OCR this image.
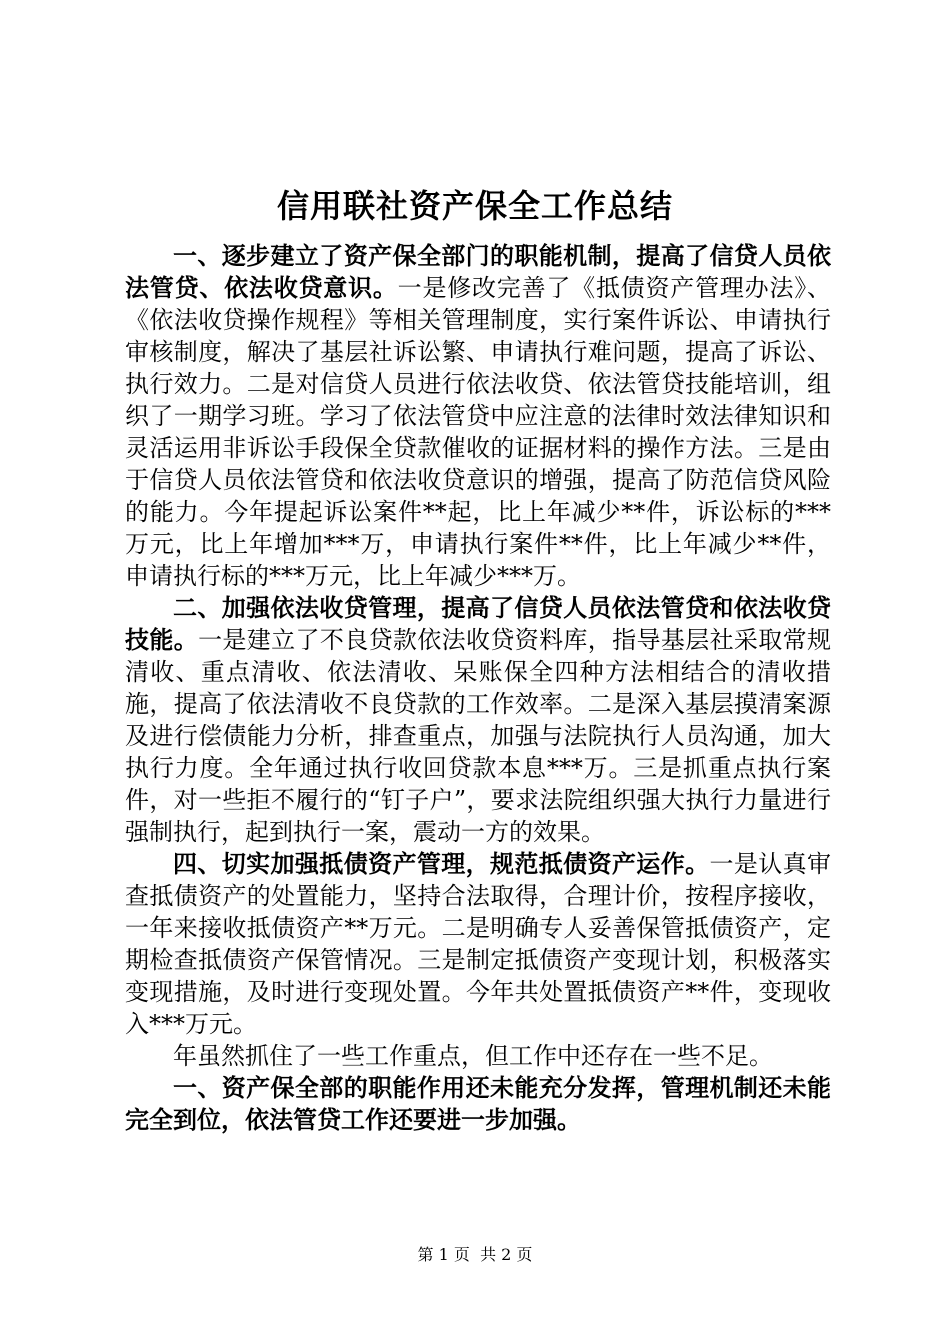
信用联社资产保全工作总结

一、逐步建立了资产保全部门的职能机制，提高了信贷人员依法管贷、依法收贷意识。一是修改完善了《抵债资产管理办法》、《依法收贷操作规程》等相关管理制度，实行案件诉讼、申请执行审核制度，解决了基层社诉讼繁、申请执行难问题，提高了诉讼、执行效力。二是对信贷人员进行依法收贷、依法管贷技能培训，组织了一期学习班。学习了依法管贷中应注意的法律时效法律知识和灵活运用非诉讼手段保全贷款催收的证据材料的操作方法。三是由于信贷人员依法管贷和依法收贷意识的增强，提高了防范信贷风险的能力。今年提起诉讼案件**起，比上年减少**件，诉讼标的***万元，比上年增加***万，申请执行案件**件，比上年减少**件，申请执行标的***万元，比上年减少***万。

二、加强依法收贷管理，提高了信贷人员依法管贷和依法收贷技能。一是建立了不良贷款依法收贷资料库，指导基层社采取常规清收、重点清收、依法清收、呆账保全四种方法相结合的清收措施，提高了依法清收不良贷款的工作效率。二是深入基层摸清案源及进行偿债能力分析，排查重点，加强与法院执行人员沟通，加大执行力度。全年通过执行收回贷款本息***万。三是抓重点执行案件，对一些拒不履行的“钉子户”，要求法院组织强大执行力量进行强制执行，起到执行一案，震动一方的效果。

四、切实加强抵债资产管理，规范抵债资产运作。一是认真审查抵债资产的处置能力，坚持合法取得，合理计价，按程序接收，一年来接收抵债资产**万元。二是明确专人妥善保管抵债资产，定期检查抵债资产保管情况。三是制定抵债资产变现计划，积极落实变现措施，及时进行变现处置。今年共处置抵债资产**件，变现收入***万元。

年虽然抓住了一些工作重点，但工作中还存在一些不足。

一、资产保全部的职能作用还未能充分发挥，管理机制还未能完全到位，依法管贷工作还要进一步加强。

第 1 页  共 2 页
